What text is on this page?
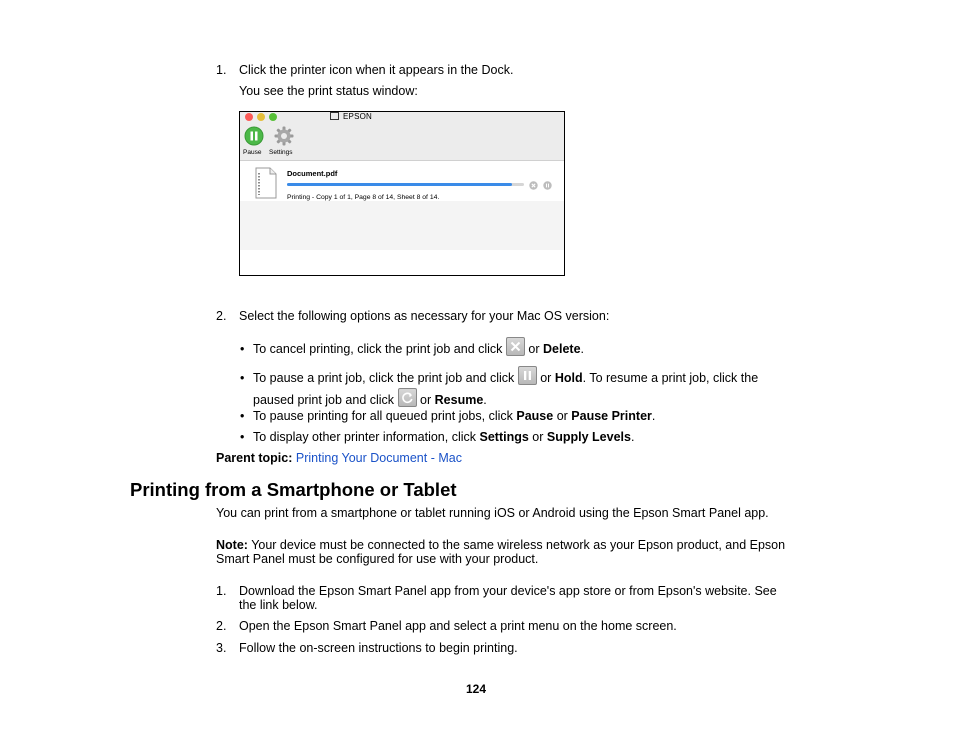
1. Click the printer icon when it appears in the Dock.
You see the print status window:
EPSON
Pause Settings
Document.pdf
Printing - Copy 1 of 1, Page 8 of 14, Sheet 8 of 14.
2. Select the following options as necessary for your Mac OS version:
• To cancel printing, click the print job and click or Delete.
• To pause a print job, click the print job and click or Hold. To resume a print job, click the
paused print job and click or Resume.
• To pause printing for all queued print jobs, click Pause or Pause Printer.
• To display other printer information, click Settings or Supply Levels.
Parent topic: Printing Your Document - Mac
Printing from a Smartphone or Tablet
You can print from a smartphone or tablet running iOS or Android using the Epson Smart Panel app.
Note: Your device must be connected to the same wireless network as your Epson product, and Epson
Smart Panel must be configured for use with your product.
1. Download the Epson Smart Panel app from your device's app store or from Epson's website. See
the link below.
2. Open the Epson Smart Panel app and select a print menu on the home screen.
3. Follow the on-screen instructions to begin printing.
124
